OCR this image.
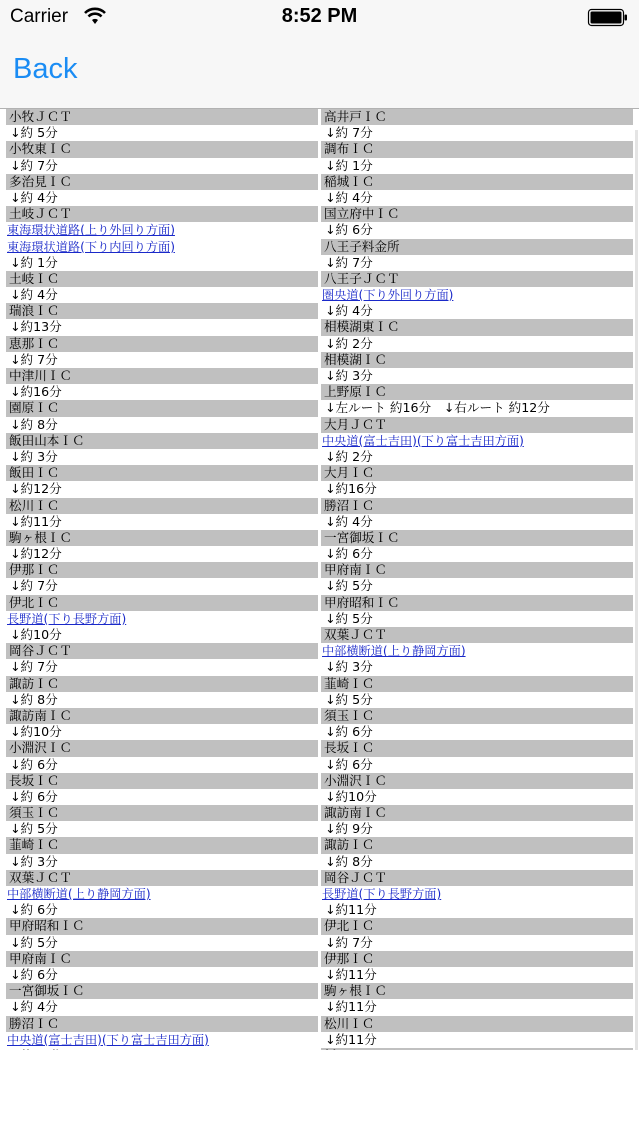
Carrier	8:52 PM
Back
小牧ＪＣＴ
↓約 5分
小牧東ＩＣ
↓約 7分
多治見ＩＣ
↓約 4分
土岐ＪＣＴ
東海環状道路(上り外回り方面)
東海環状道路(下り内回り方面)
↓約 1分
土岐ＩＣ
↓約 4分
瑞浪ＩＣ
↓約13分
恵那ＩＣ
↓約 7分
中津川ＩＣ
↓約16分
園原ＩＣ
↓約 8分
飯田山本ＩＣ
↓約 3分
飯田ＩＣ
↓約12分
松川ＩＣ
↓約11分
駒ヶ根ＩＣ
↓約12分
伊那ＩＣ
↓約 7分
伊北ＩＣ
長野道(下り長野方面)
↓約10分
岡谷ＪＣＴ
↓約 7分
諏訪ＩＣ
↓約 8分
諏訪南ＩＣ
↓約10分
小淵沢ＩＣ
↓約 6分
長坂ＩＣ
↓約 6分
須玉ＩＣ
↓約 5分
韮崎ＩＣ
↓約 3分
双葉ＪＣＴ
中部横断道(上り静岡方面)
↓約 6分
甲府昭和ＩＣ
↓約 5分
甲府南ＩＣ
↓約 6分
一宮御坂ＩＣ
↓約 4分
勝沼ＩＣ
中央道(富士吉田)(下り富士吉田方面)
高井戸ＩＣ
↓約 7分
調布ＩＣ
↓約 1分
稲城ＩＣ
↓約 4分
国立府中ＩＣ
↓約 6分
八王子料金所
↓約 7分
八王子ＪＣＴ
圏央道(下り外回り方面)
↓約 4分
相模湖東ＩＣ
↓約 2分
相模湖ＩＣ
↓約 3分
上野原ＩＣ
↓左ルート 約16分　↓右ルート 約12分
大月ＪＣＴ
中央道(富士吉田)(下り富士吉田方面)
↓約 2分
大月ＩＣ
↓約16分
勝沼ＩＣ
↓約 4分
一宮御坂ＩＣ
↓約 6分
甲府南ＩＣ
↓約 5分
甲府昭和ＩＣ
↓約 5分
双葉ＪＣＴ
中部横断道(上り静岡方面)
↓約 3分
韮崎ＩＣ
↓約 5分
須玉ＩＣ
↓約 6分
長坂ＩＣ
↓約 6分
小淵沢ＩＣ
↓約10分
諏訪南ＩＣ
↓約 9分
諏訪ＩＣ
↓約 8分
岡谷ＪＣＴ
長野道(下り長野方面)
↓約11分
伊北ＩＣ
↓約 7分
伊那ＩＣ
↓約11分
駒ヶ根ＩＣ
↓約11分
松川ＩＣ
↓約11分
